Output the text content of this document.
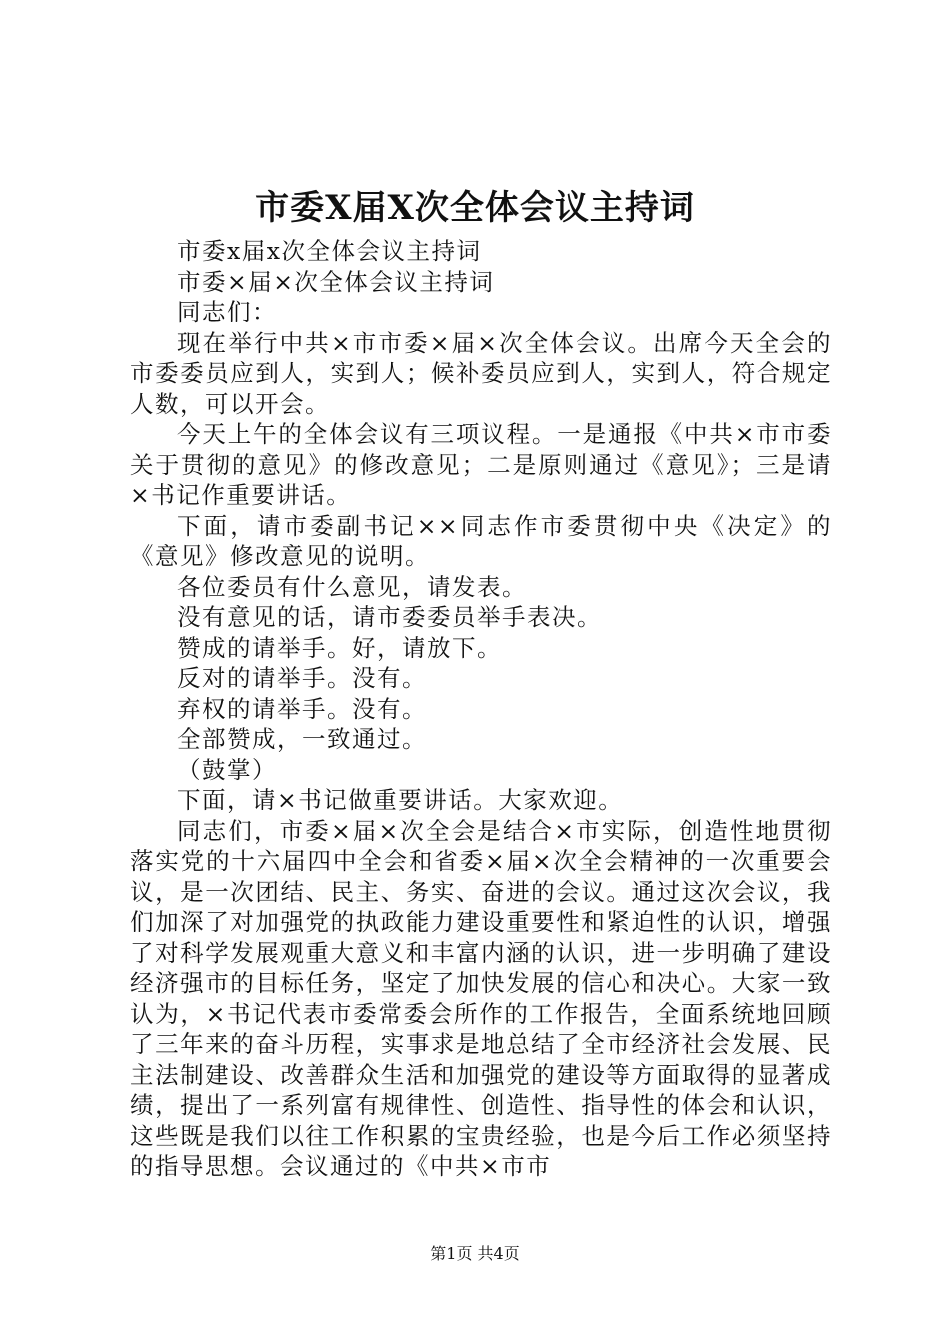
市委X届X次全体会议主持词

市委x届x次全体会议主持词

市委×届×次全体会议主持词

同志们：

现在举行中共×市市委×届×次全体会议。出席今天全会的市委委员应到人，实到人；候补委员应到人，实到人，符合规定人数，可以开会。

今天上午的全体会议有三项议程。一是通报《中共×市市委关于贯彻的意见》的修改意见；二是原则通过《意见》；三是请×书记作重要讲话。

下面，请市委副书记××同志作市委贯彻中央《决定》的《意见》修改意见的说明。

各位委员有什么意见，请发表。

没有意见的话，请市委委员举手表决。

赞成的请举手。好，请放下。

反对的请举手。没有。

弃权的请举手。没有。

全部赞成，一致通过。

（鼓掌）

下面，请×书记做重要讲话。大家欢迎。

同志们，市委×届×次全会是结合×市实际，创造性地贯彻落实党的十六届四中全会和省委×届×次全会精神的一次重要会议，是一次团结、民主、务实、奋进的会议。通过这次会议，我们加深了对加强党的执政能力建设重要性和紧迫性的认识，增强了对科学发展观重大意义和丰富内涵的认识，进一步明确了建设经济强市的目标任务，坚定了加快发展的信心和决心。大家一致认为，×书记代表市委常委会所作的工作报告，全面系统地回顾了三年来的奋斗历程，实事求是地总结了全市经济社会发展、民主法制建设、改善群众生活和加强党的建设等方面取得的显著成绩，提出了一系列富有规律性、创造性、指导性的体会和认识，这些既是我们以往工作积累的宝贵经验，也是今后工作必须坚持的指导思想。会议通过的《中共×市市

第1页 共4页
